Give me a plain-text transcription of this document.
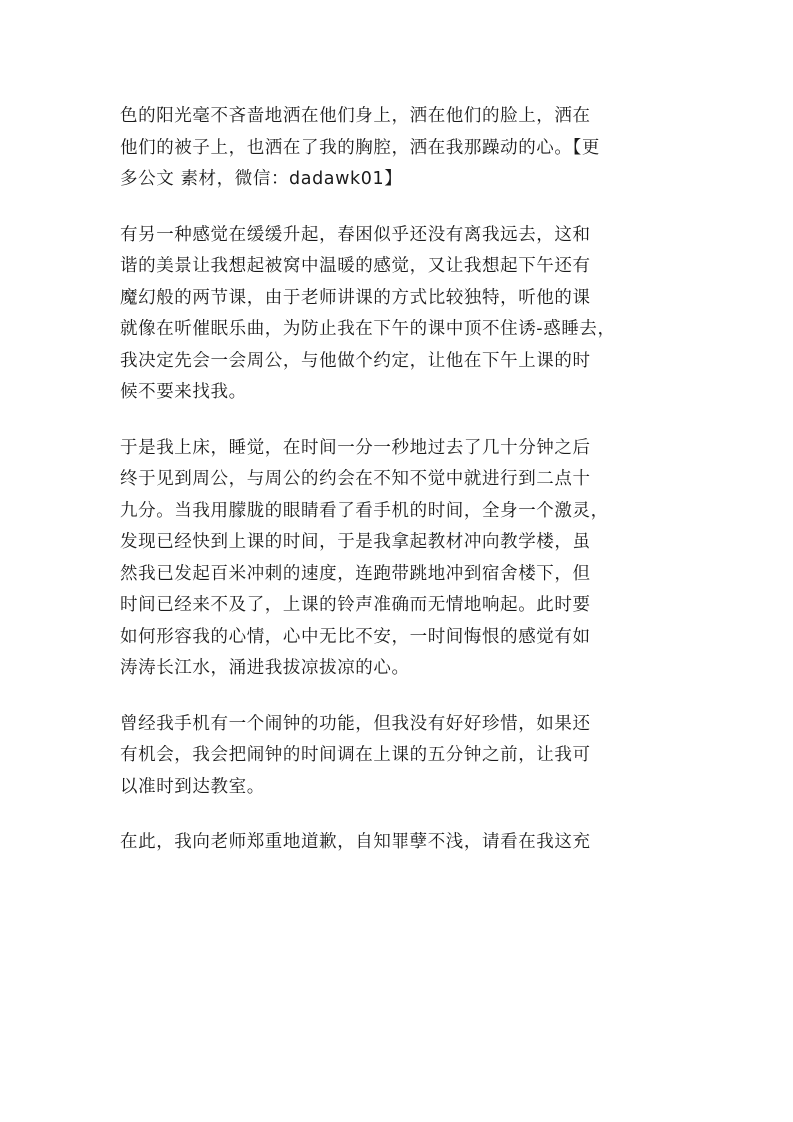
色的阳光毫不吝啬地洒在他们身上，洒在他们的脸上，洒在
他们的被子上，也洒在了我的胸腔，洒在我那躁动的心。【更
多公文 素材，微信：dadawk01】

有另一种感觉在缓缓升起，春困似乎还没有离我远去，这和
谐的美景让我想起被窝中温暖的感觉，又让我想起下午还有
魔幻般的两节课，由于老师讲课的方式比较独特，听他的课
就像在听催眠乐曲，为防止我在下午的课中顶不住诱-惑睡去，
我决定先会一会周公，与他做个约定，让他在下午上课的时
候不要来找我。

于是我上床，睡觉，在时间一分一秒地过去了几十分钟之后
终于见到周公，与周公的约会在不知不觉中就进行到二点十
九分。当我用朦胧的眼睛看了看手机的时间，全身一个激灵，
发现已经快到上课的时间，于是我拿起教材冲向教学楼，虽
然我已发起百米冲刺的速度，连跑带跳地冲到宿舍楼下，但
时间已经来不及了，上课的铃声准确而无情地响起。此时要
如何形容我的心情，心中无比不安，一时间悔恨的感觉有如
涛涛长江水，涌进我拔凉拔凉的心。

曾经我手机有一个闹钟的功能，但我没有好好珍惜，如果还
有机会，我会把闹钟的时间调在上课的五分钟之前，让我可
以准时到达教室。

在此，我向老师郑重地道歉，自知罪孽不浅，请看在我这充
